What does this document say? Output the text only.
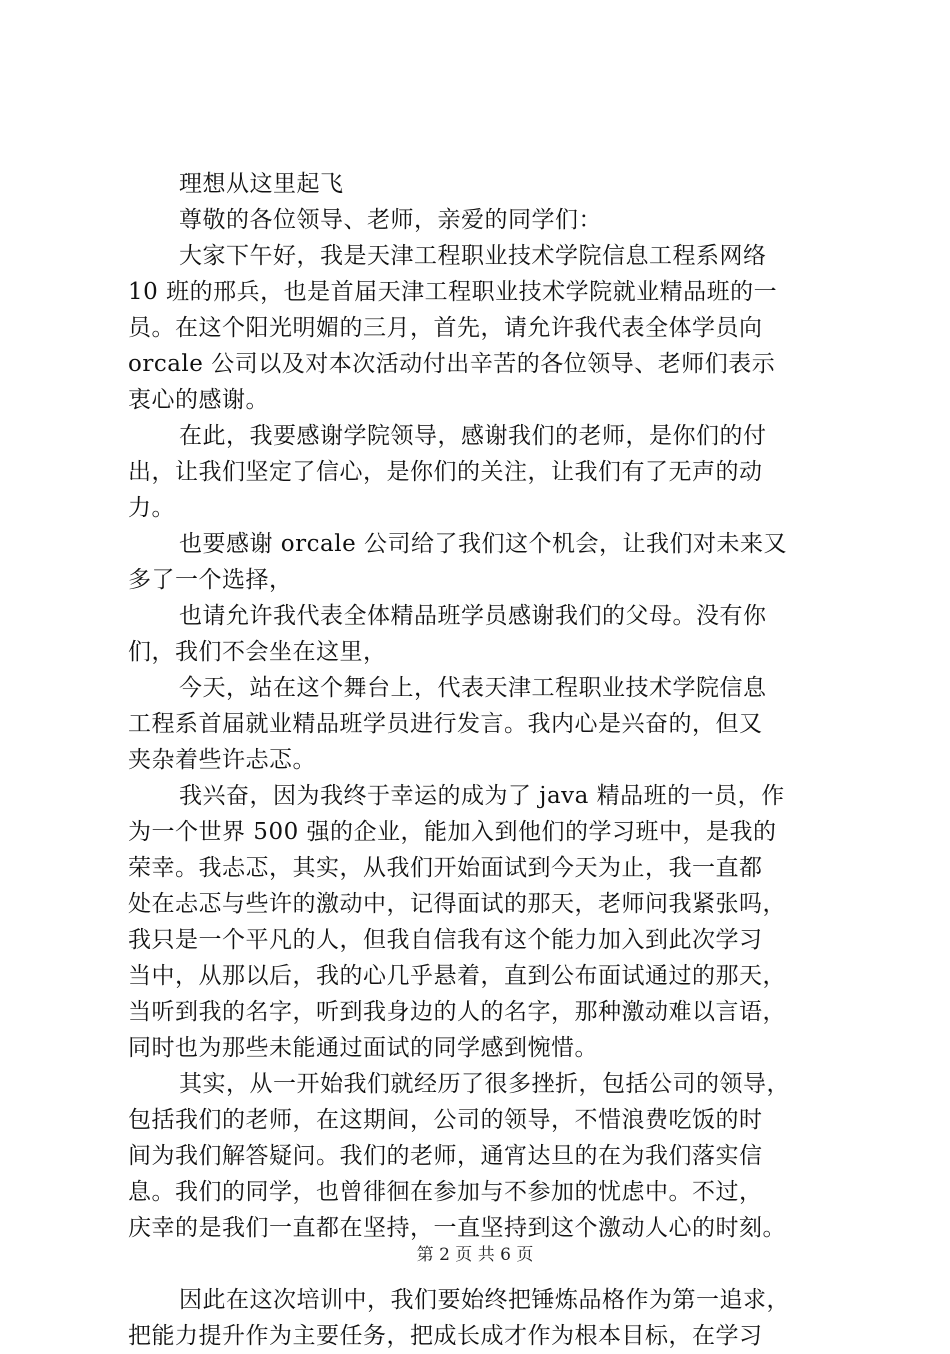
理想从这里起飞
尊敬的各位领导、老师，亲爱的同学们：
大家下午好，我是天津工程职业技术学院信息工程系网络
10 班的邢兵，也是首届天津工程职业技术学院就业精品班的一
员。在这个阳光明媚的三月，首先，请允许我代表全体学员向
orcale 公司以及对本次活动付出辛苦的各位领导、老师们表示
衷心的感谢。
在此，我要感谢学院领导，感谢我们的老师，是你们的付
出，让我们坚定了信心，是你们的关注，让我们有了无声的动
力。
也要感谢 orcale 公司给了我们这个机会，让我们对未来又
多了一个选择，
也请允许我代表全体精品班学员感谢我们的父母。没有你
们，我们不会坐在这里，
今天，站在这个舞台上，代表天津工程职业技术学院信息
工程系首届就业精品班学员进行发言。我内心是兴奋的，但又
夹杂着些许忐忑。
我兴奋，因为我终于幸运的成为了 java 精品班的一员，作
为一个世界 500 强的企业，能加入到他们的学习班中，是我的
荣幸。我忐忑，其实，从我们开始面试到今天为止，我一直都
处在忐忑与些许的激动中，记得面试的那天，老师问我紧张吗，
我只是一个平凡的人，但我自信我有这个能力加入到此次学习
当中，从那以后，我的心几乎悬着，直到公布面试通过的那天，
当听到我的名字，听到我身边的人的名字，那种激动难以言语，
同时也为那些未能通过面试的同学感到惋惜。
其实，从一开始我们就经历了很多挫折，包括公司的领导，
包括我们的老师，在这期间，公司的领导，不惜浪费吃饭的时
间为我们解答疑问。我们的老师，通宵达旦的在为我们落实信
息。我们的同学，也曾徘徊在参加与不参加的忧虑中。不过，
庆幸的是我们一直都在坚持，一直坚持到这个激动人心的时刻。
因此在这次培训中，我们要始终把锤炼品格作为第一追求，
把能力提升作为主要任务，把成长成才作为根本目标，在学习
第 2 页 共 6 页
